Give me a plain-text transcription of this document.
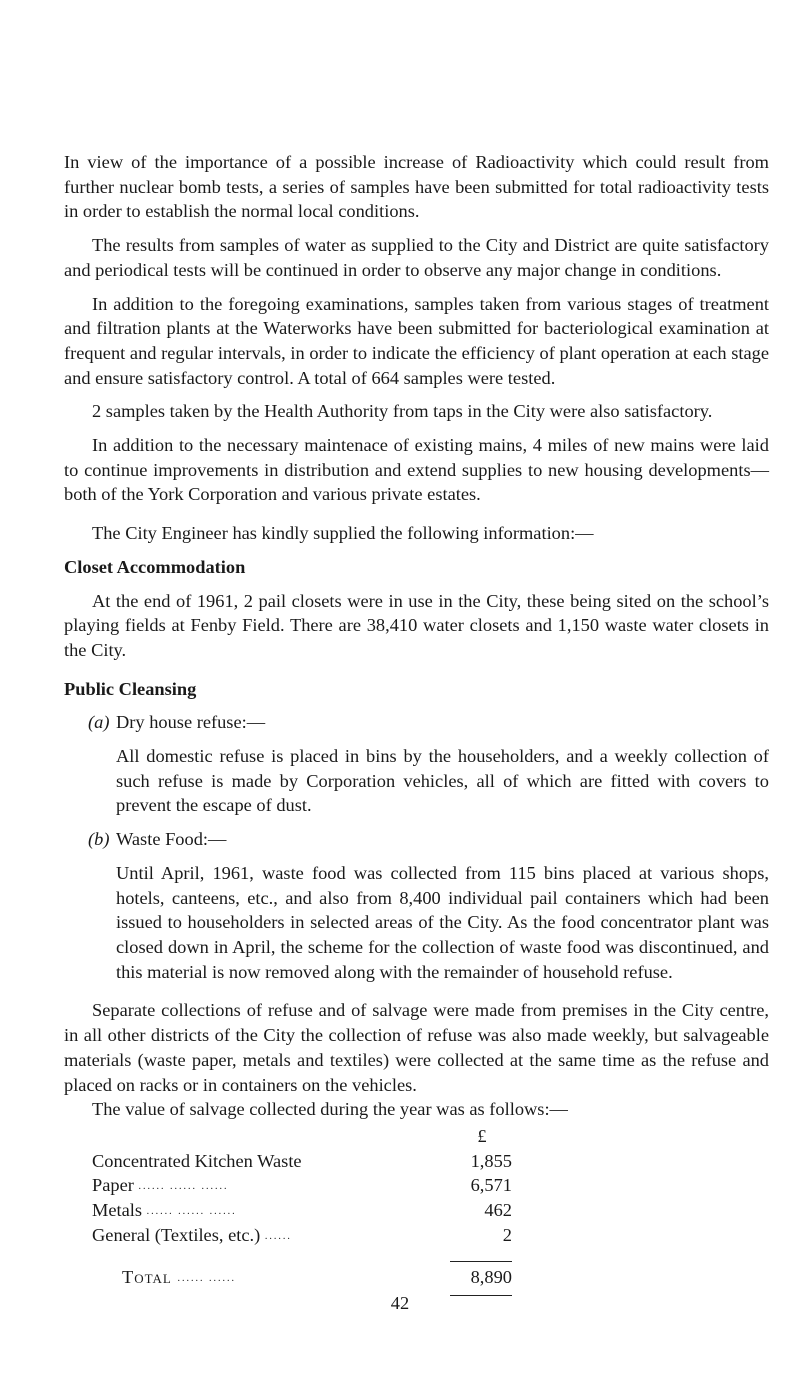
In view of the importance of a possible increase of Radioactivity which could result from further nuclear bomb tests, a series of samples have been submitted for total radioactivity tests in order to establish the normal local conditions.

The results from samples of water as supplied to the City and District are quite satisfactory and periodical tests will be continued in order to observe any major change in conditions.

In addition to the foregoing examinations, samples taken from various stages of treatment and filtration plants at the Waterworks have been submitted for bacteriological examination at frequent and regular intervals, in order to indicate the efficiency of plant operation at each stage and ensure satisfactory control. A total of 664 samples were tested.

2 samples taken by the Health Authority from taps in the City were also satisfactory.

In addition to the necessary maintenace of existing mains, 4 miles of new mains were laid to continue improvements in distribution and extend supplies to new housing developments—both of the York Corporation and various private estates.

The City Engineer has kindly supplied the following information:—

Closet Accommodation

At the end of 1961, 2 pail closets were in use in the City, these being sited on the school’s playing fields at Fenby Field. There are 38,410 water closets and 1,150 waste water closets in the City.

Public Cleansing
(a) Dry house refuse:—
All domestic refuse is placed in bins by the householders, and a weekly collection of such refuse is made by Corporation vehicles, all of which are fitted with covers to prevent the escape of dust.
(b) Waste Food:—
Until April, 1961, waste food was collected from 115 bins placed at various shops, hotels, canteens, etc., and also from 8,400 individual pail containers which had been issued to householders in selected areas of the City. As the food concentrator plant was closed down in April, the scheme for the collection of waste food was discontinued, and this material is now removed along with the remainder of household refuse.

Separate collections of refuse and of salvage were made from premises in the City centre, in all other districts of the City the collection of refuse was also made weekly, but salvageable materials (waste paper, metals and textiles) were collected at the same time as the refuse and placed on racks or in containers on the vehicles.

The value of salvage collected during the year was as follows:—

£
Concentrated Kitchen Waste	1,855
Paper ...... ...... ......	6,571
Metals ...... ...... ......	462
General (Textiles, etc.) ......	2
Total ...... ......	8,890
42
